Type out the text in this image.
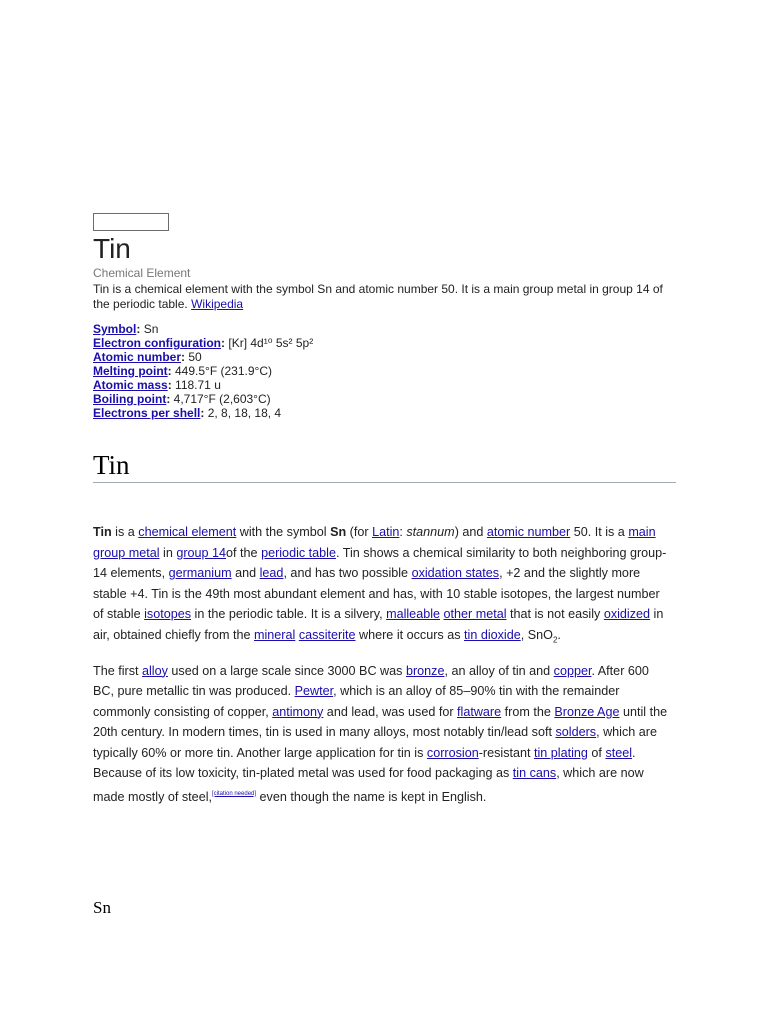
Tin
Chemical Element
Tin is a chemical element with the symbol Sn and atomic number 50. It is a main group metal in group 14 of the periodic table. Wikipedia
Symbol: Sn
Electron configuration: [Kr] 4d¹⁰ 5s² 5p²
Atomic number: 50
Melting point: 449.5°F (231.9°C)
Atomic mass: 118.71 u
Boiling point: 4,717°F (2,603°C)
Electrons per shell: 2, 8, 18, 18, 4
Tin

Tin is a chemical element with the symbol Sn (for Latin: stannum) and atomic number 50. It is a main group metal in group 14of the periodic table. Tin shows a chemical similarity to both neighboring group-14 elements, germanium and lead, and has two possible oxidation states, +2 and the slightly more stable +4. Tin is the 49th most abundant element and has, with 10 stable isotopes, the largest number of stable isotopes in the periodic table. It is a silvery, malleable other metal that is not easily oxidized in air, obtained chiefly from the mineral cassiterite where it occurs as tin dioxide, SnO$_2$.

The first alloy used on a large scale since 3000 BC was bronze, an alloy of tin and copper. After 600 BC, pure metallic tin was produced. Pewter, which is an alloy of 85–90% tin with the remainder commonly consisting of copper, antimony and lead, was used for flatware from the Bronze Age until the 20th century. In modern times, tin is used in many alloys, most notably tin/lead soft solders, which are typically 60% or more tin. Another large application for tin is corrosion-resistant tin plating of steel. Because of its low toxicity, tin-plated metal was used for food packaging as tin cans, which are now made mostly of steel,[citation needed] even though the name is kept in English.

Sn
